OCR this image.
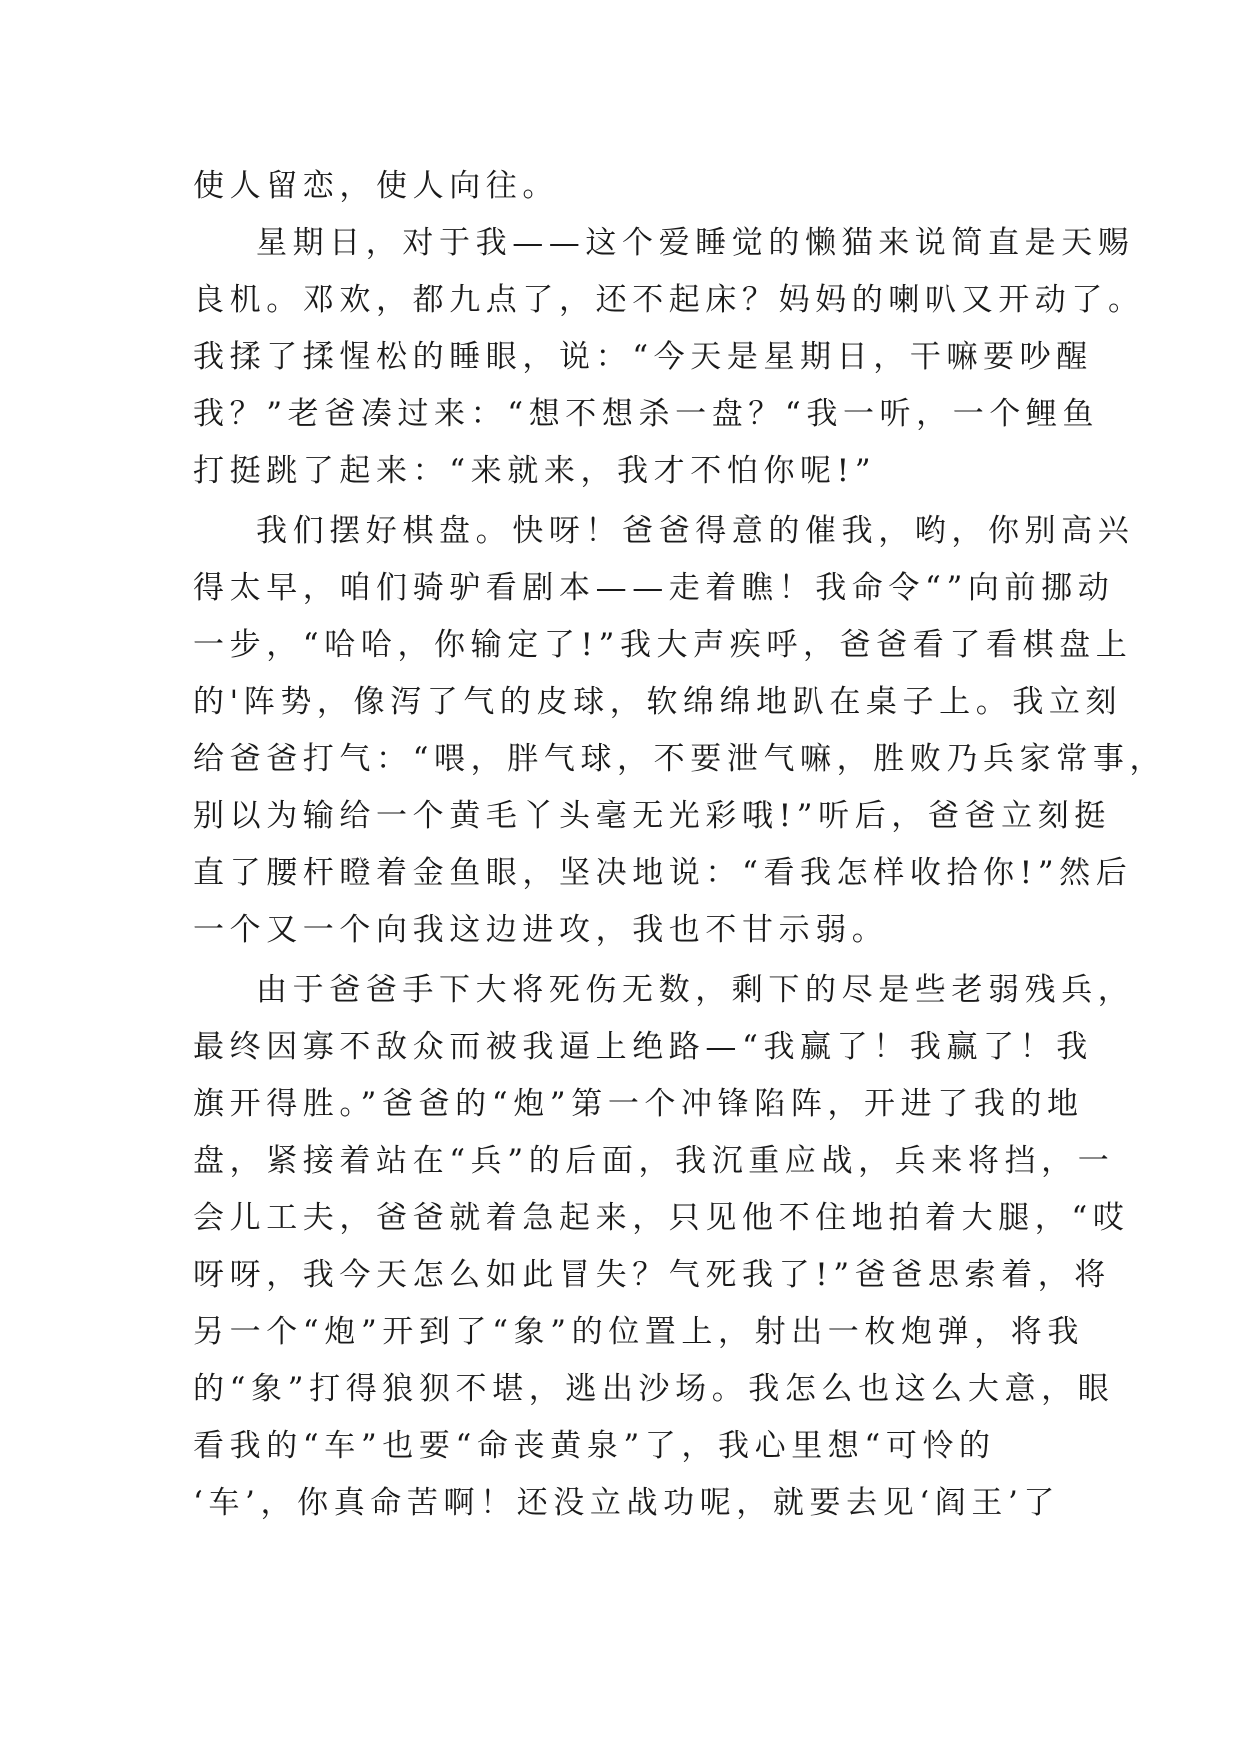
使人留恋，使人向往。
星期日，对于我——这个爱睡觉的懒猫来说简直是天赐
良机。邓欢，都九点了，还不起床？妈妈的喇叭又开动了。
我揉了揉惺松的睡眼，说：“今天是星期日，干嘛要吵醒
我？”老爸凑过来：“想不想杀一盘？“我一听，一个鲤鱼
打挺跳了起来：“来就来，我才不怕你呢!”
我们摆好棋盘。快呀！爸爸得意的催我，哟，你别高兴
得太早，咱们骑驴看剧本——走着瞧！我命令“”向前挪动
一步，“哈哈，你输定了!”我大声疾呼，爸爸看了看棋盘上
的'阵势，像泻了气的皮球，软绵绵地趴在桌子上。我立刻
给爸爸打气：“喂，胖气球，不要泄气嘛，胜败乃兵家常事，
别以为输给一个黄毛丫头毫无光彩哦!”听后，爸爸立刻挺
直了腰杆瞪着金鱼眼，坚决地说：“看我怎样收拾你!”然后
一个又一个向我这边进攻，我也不甘示弱。
由于爸爸手下大将死伤无数，剩下的尽是些老弱残兵，
最终因寡不敌众而被我逼上绝路—“我赢了！我赢了！我
旗开得胜。”爸爸的“炮”第一个冲锋陷阵，开进了我的地
盘，紧接着站在“兵”的后面，我沉重应战，兵来将挡，一
会儿工夫，爸爸就着急起来，只见他不住地拍着大腿，“哎
呀呀，我今天怎么如此冒失？气死我了!”爸爸思索着，将
另一个“炮”开到了“象”的位置上，射出一枚炮弹，将我
的“象”打得狼狈不堪，逃出沙场。我怎么也这么大意，眼
看我的“车”也要“命丧黄泉”了，我心里想“可怜的
‘车’，你真命苦啊！还没立战功呢，就要去见‘阎王’了
